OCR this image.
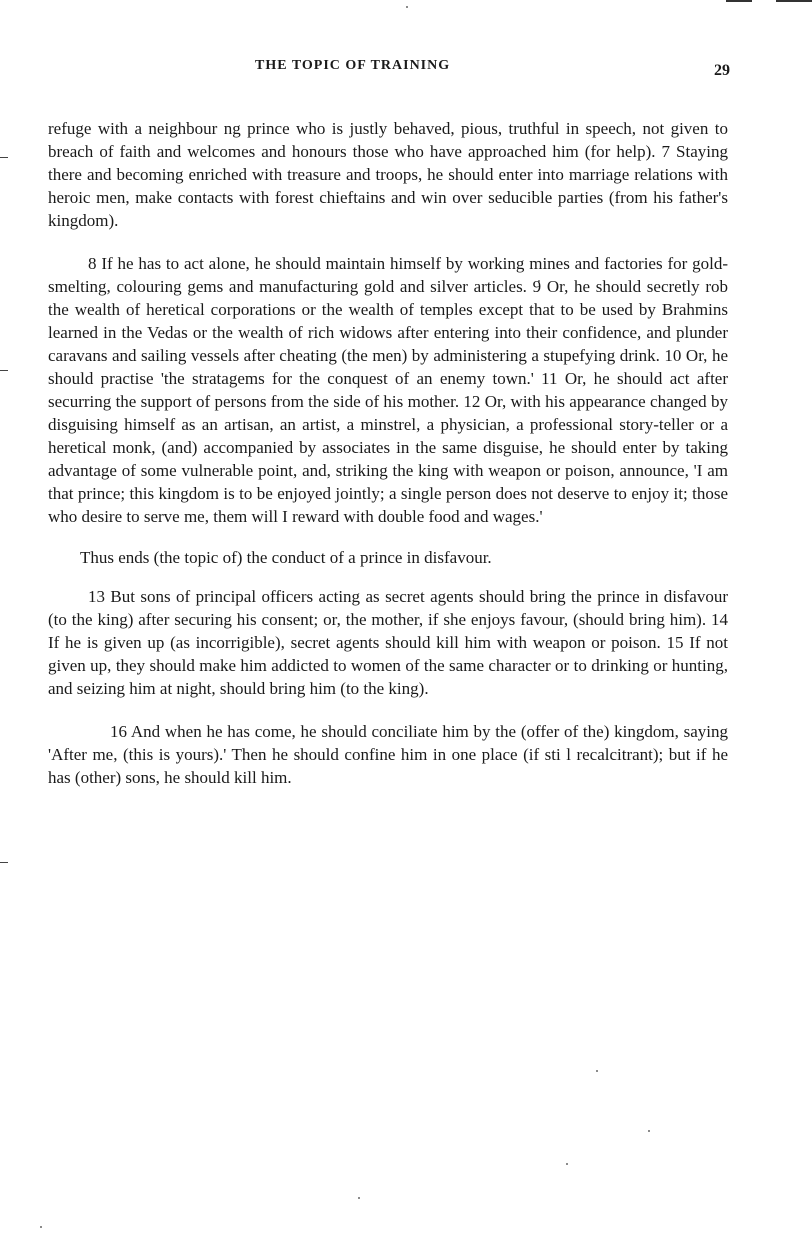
THE TOPIC OF TRAINING	29

refuge with a neighbour ng prince who is justly behaved, pious, truthful in speech, not given to breach of faith and welcomes and honours those who have approached him (for help). 7 Staying there and becoming enriched with treasure and troops, he should enter into marriage relations with heroic men, make contacts with forest chieftains and win over seducible parties (from his father's kingdom).

8 If he has to act alone, he should maintain himself by working mines and factories for gold-smelting, colouring gems and manufacturing gold and silver articles. 9 Or, he should secretly rob the wealth of heretical corporations or the wealth of temples except that to be used by Brahmins learned in the Vedas or the wealth of rich widows after entering into their confidence, and plunder caravans and sailing vessels after cheating (the men) by administering a stupefying drink. 10 Or, he should practise 'the stratagems for the conquest of an enemy town.' 11 Or, he should act after securring the support of persons from the side of his mother. 12 Or, with his appearance changed by disguising himself as an artisan, an artist, a minstrel, a physician, a professional story-teller or a heretical monk, (and) accompanied by associates in the same disguise, he should enter by taking advantage of some vulnerable point, and, striking the king with weapon or poison, announce, 'I am that prince; this kingdom is to be enjoyed jointly; a single person does not deserve to enjoy it; those who desire to serve me, them will I reward with double food and wages.'

Thus ends (the topic of) the conduct of a prince in disfavour.

13 But sons of principal officers acting as secret agents should bring the prince in disfavour (to the king) after securing his consent; or, the mother, if she enjoys favour, (should bring him). 14 If he is given up (as incorrigible), secret agents should kill him with weapon or poison. 15 If not given up, they should make him addicted to women of the same character or to drinking or hunting, and seizing him at night, should bring him (to the king).

16 And when he has come, he should conciliate him by the (offer of the) kingdom, saying 'After me, (this is yours).' Then he should confine him in one place (if sti l recalcitrant); but if he has (other) sons, he should kill him.
